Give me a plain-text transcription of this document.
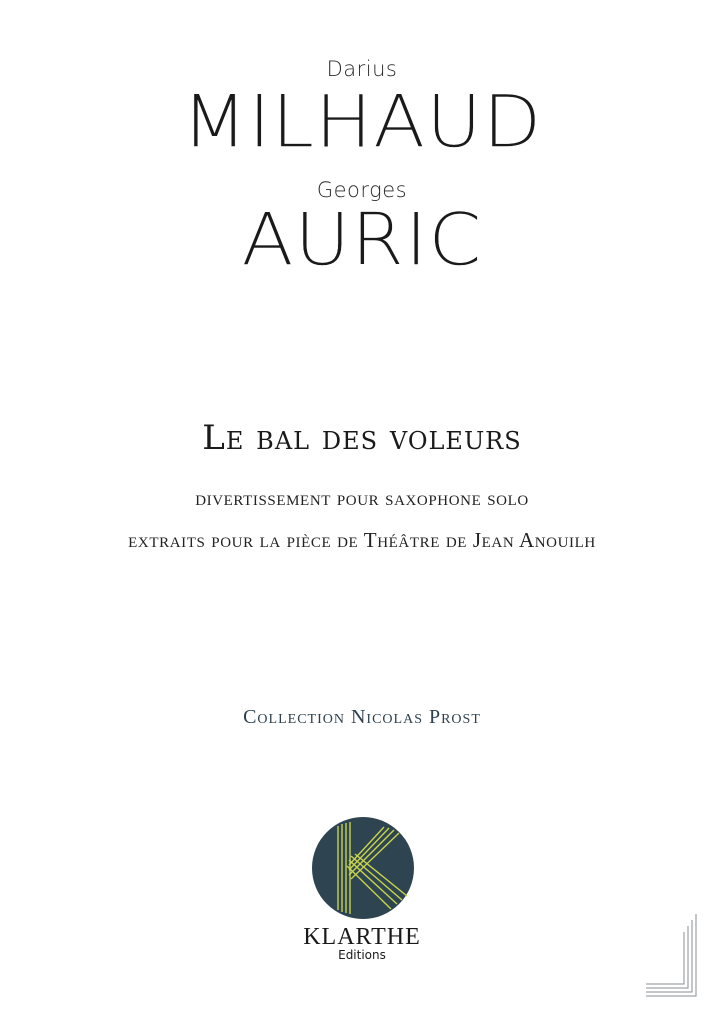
Darius
MILHAUD
Georges
AURIC
Le bal des voleurs
divertissement pour saxophone solo
extraits pour la pièce de Théâtre de Jean Anouilh
Collection Nicolas Prost
KLARTHE
Editions
